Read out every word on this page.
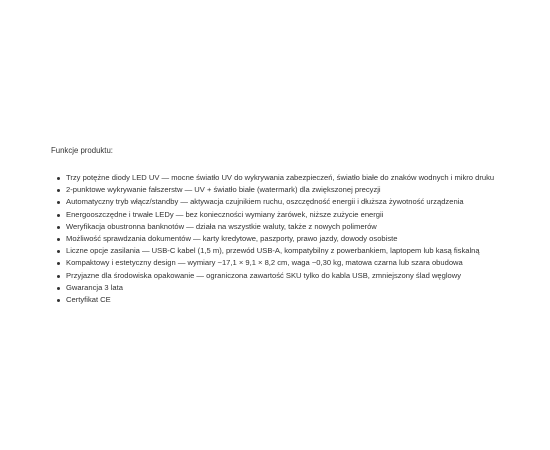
Funkcje produktu:

Trzy potężne diody LED UV — mocne światło UV do wykrywania zabezpieczeń, światło białe do znaków wodnych i mikro druku
2-punktowe wykrywanie fałszerstw — UV + światło białe (watermark) dla zwiększonej precyzji
Automatyczny tryb włącz/standby — aktywacja czujnikiem ruchu, oszczędność energii i dłuższa żywotność urządzenia
Energooszczędne i trwałe LEDy — bez konieczności wymiany żarówek, niższe zużycie energii
Weryfikacja obustronna banknotów — działa na wszystkie waluty, także z nowych polimerów
Możliwość sprawdzania dokumentów — karty kredytowe, paszporty, prawo jazdy, dowody osobiste
Liczne opcje zasilania — USB-C kabel (1,5 m), przewód USB-A, kompatybilny z powerbankiem, laptopem lub kasą fiskalną
Kompaktowy i estetyczny design — wymiary ~17,1 × 9,1 × 8,2 cm, waga ~0,30 kg, matowa czarna lub szara obudowa
Przyjazne dla środowiska opakowanie — ograniczona zawartość SKU tylko do kabla USB, zmniejszony ślad węglowy
Gwarancja 3 lata
Certyfikat CE
